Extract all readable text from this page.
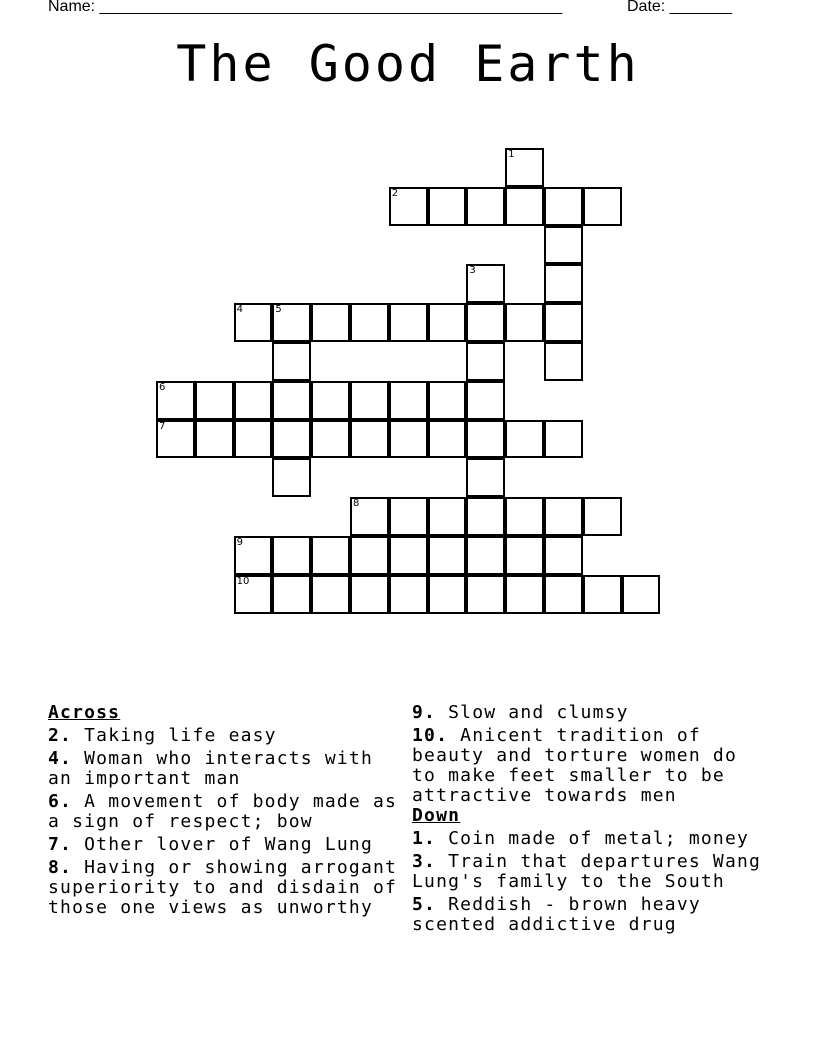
Name: ____________________________________________________	Date: _______
The Good Earth
1
2
3
4	5
6
7
8
9
10
Across
2. Taking life easy
4. Woman who interacts with an important man
6. A movement of body made as a sign of respect; bow
7. Other lover of Wang Lung
8. Having or showing arrogant superiority to and disdain of those one views as unworthy
9. Slow and clumsy
10. Anicent tradition of beauty and torture women do to make feet smaller to be attractive towards men
Down
1. Coin made of metal; money
3. Train that departures Wang Lung's family to the South
5. Reddish - brown heavy scented addictive drug
